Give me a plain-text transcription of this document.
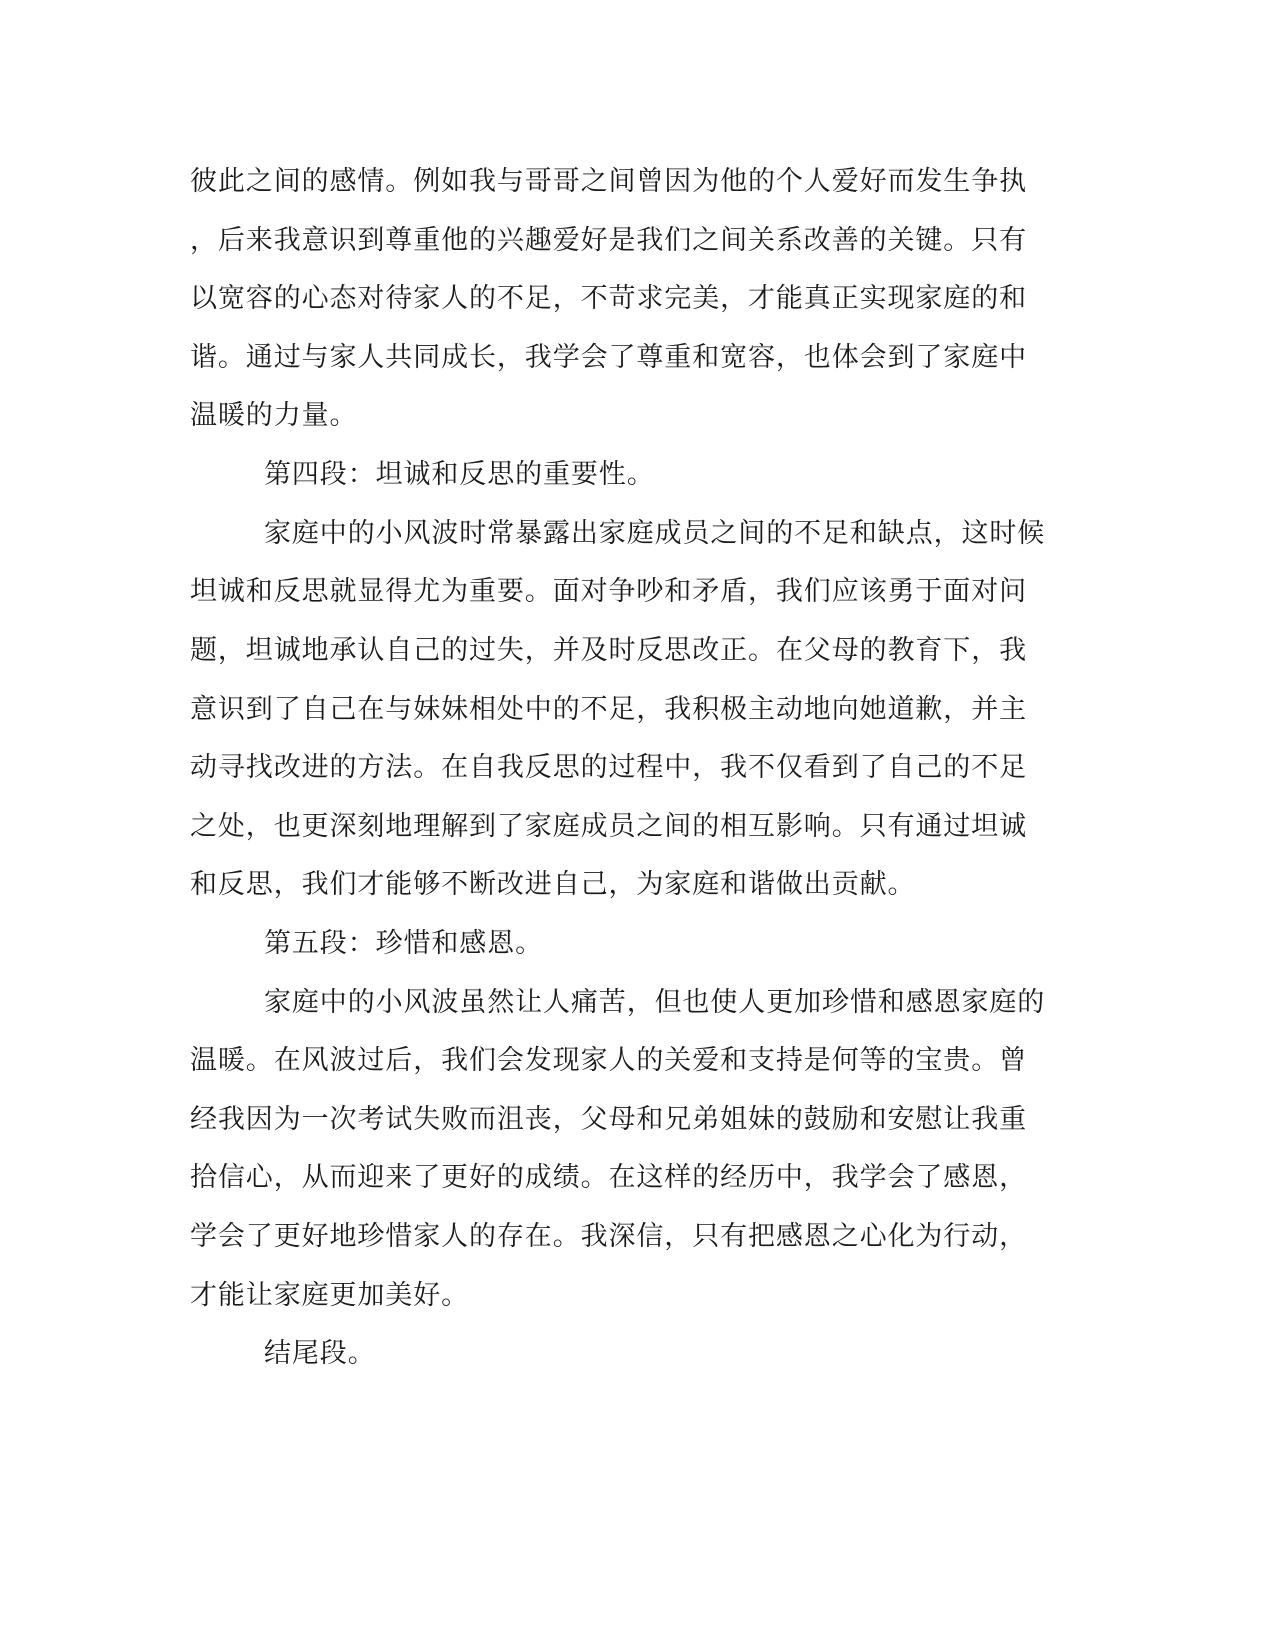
彼此之间的感情。例如我与哥哥之间曾因为他的个人爱好而发生争执

，后来我意识到尊重他的兴趣爱好是我们之间关系改善的关键。只有

以宽容的心态对待家人的不足，不苛求完美，才能真正实现家庭的和

谐。通过与家人共同成长，我学会了尊重和宽容，也体会到了家庭中

温暖的力量。

第四段：坦诚和反思的重要性。

家庭中的小风波时常暴露出家庭成员之间的不足和缺点，这时候

坦诚和反思就显得尤为重要。面对争吵和矛盾，我们应该勇于面对问

题，坦诚地承认自己的过失，并及时反思改正。在父母的教育下，我

意识到了自己在与妹妹相处中的不足，我积极主动地向她道歉，并主

动寻找改进的方法。在自我反思的过程中，我不仅看到了自己的不足

之处，也更深刻地理解到了家庭成员之间的相互影响。只有通过坦诚

和反思，我们才能够不断改进自己，为家庭和谐做出贡献。

第五段：珍惜和感恩。

家庭中的小风波虽然让人痛苦，但也使人更加珍惜和感恩家庭的

温暖。在风波过后，我们会发现家人的关爱和支持是何等的宝贵。曾

经我因为一次考试失败而沮丧，父母和兄弟姐妹的鼓励和安慰让我重

拾信心，从而迎来了更好的成绩。在这样的经历中，我学会了感恩，

学会了更好地珍惜家人的存在。我深信，只有把感恩之心化为行动，

才能让家庭更加美好。

结尾段。
